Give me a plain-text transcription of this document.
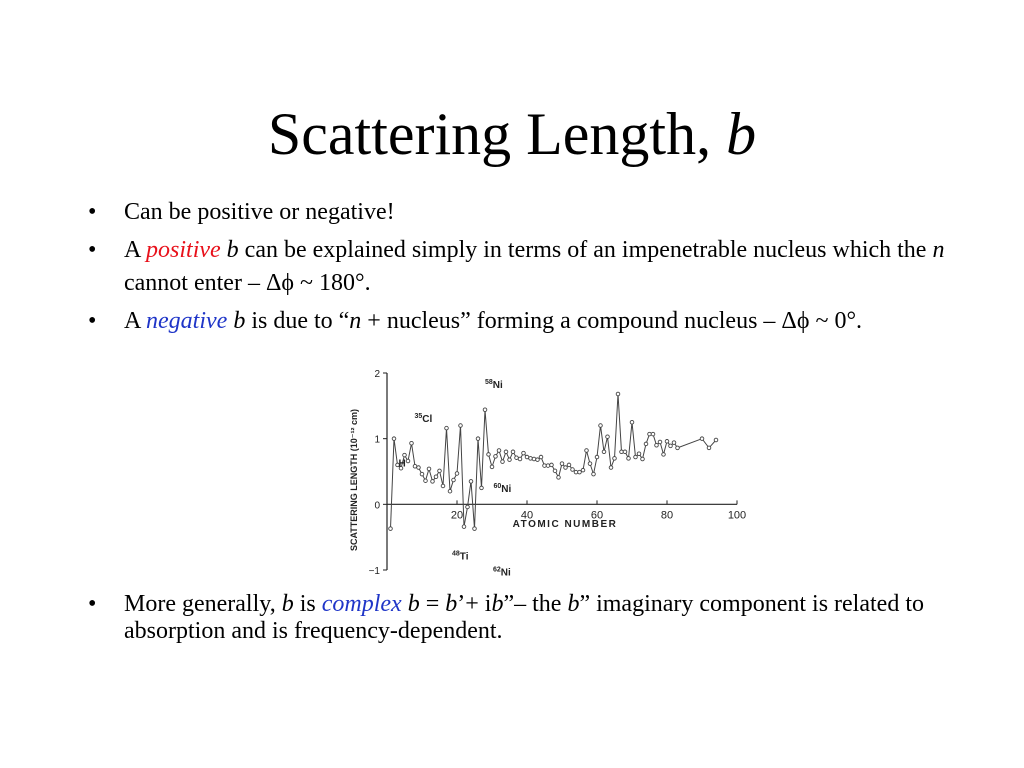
Scattering Length, b
• Can be positive or negative!
• A positive b can be explained simply in terms of an impenetrable nucleus which the n cannot enter – Δϕ ~ 180°.
• A negative b is due to “n + nucleus” forming a compound nucleus – Δϕ ~ 0°.
2
1
0
−1
20	40	60	80	100
H
$^{35}$Cl
$^{58}$Ni
$^{60}$Ni
$^{48}$Ti
$^{62}$Ni
SCATTERING LENGTH (10⁻¹² cm)	ATOMIC NUMBER
•	More generally, b is complex b = b’+ ib”– the b” imaginary component is related to absorption and is frequency-dependent.
